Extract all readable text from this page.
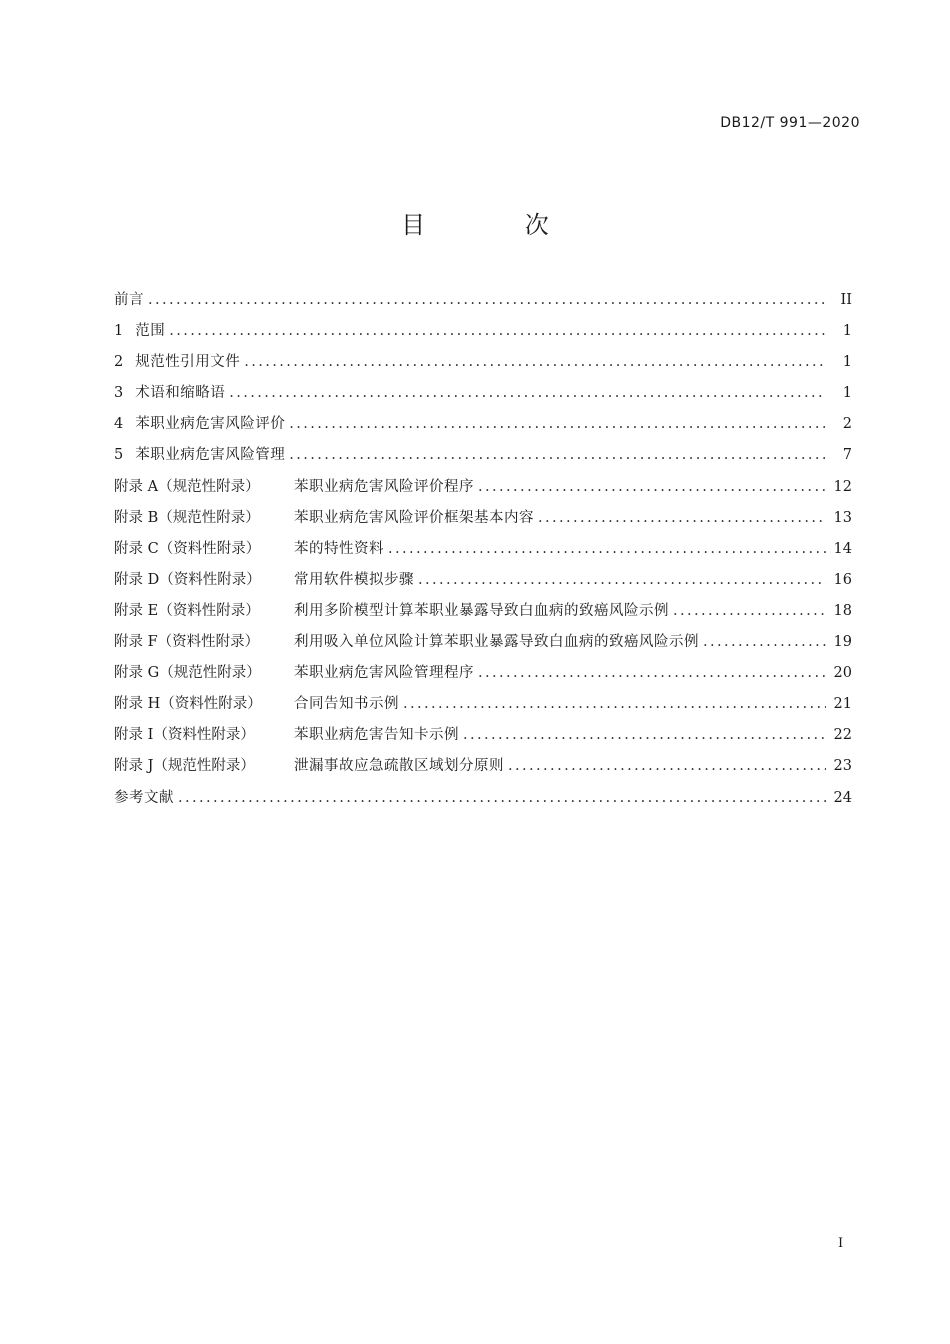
DB12/T 991—2020
目 次
前言 .....	II
1 范围 .....	1
2 规范性引用文件 .....	1
3 术语和缩略语 .....	1
4 苯职业病危害风险评价 .....	2
5 苯职业病危害风险管理 .....	7
附录 A（规范性附录）	苯职业病危害风险评价程序 .....	12
附录 B（规范性附录）	苯职业病危害风险评价框架基本内容 .....	13
附录 C（资料性附录）	苯的特性资料 .....	14
附录 D（资料性附录）	常用软件模拟步骤 .....	16
附录 E（资料性附录）	利用多阶模型计算苯职业暴露导致白血病的致癌风险示例 .....	18
附录 F（资料性附录）	利用吸入单位风险计算苯职业暴露导致白血病的致癌风险示例 .....	19
附录 G（规范性附录）	苯职业病危害风险管理程序 .....	20
附录 H（资料性附录）	合同告知书示例 .....	21
附录 I（资料性附录）	苯职业病危害告知卡示例 .....	22
附录 J（规范性附录）	泄漏事故应急疏散区域划分原则 .....	23
参考文献 .....	24
I
